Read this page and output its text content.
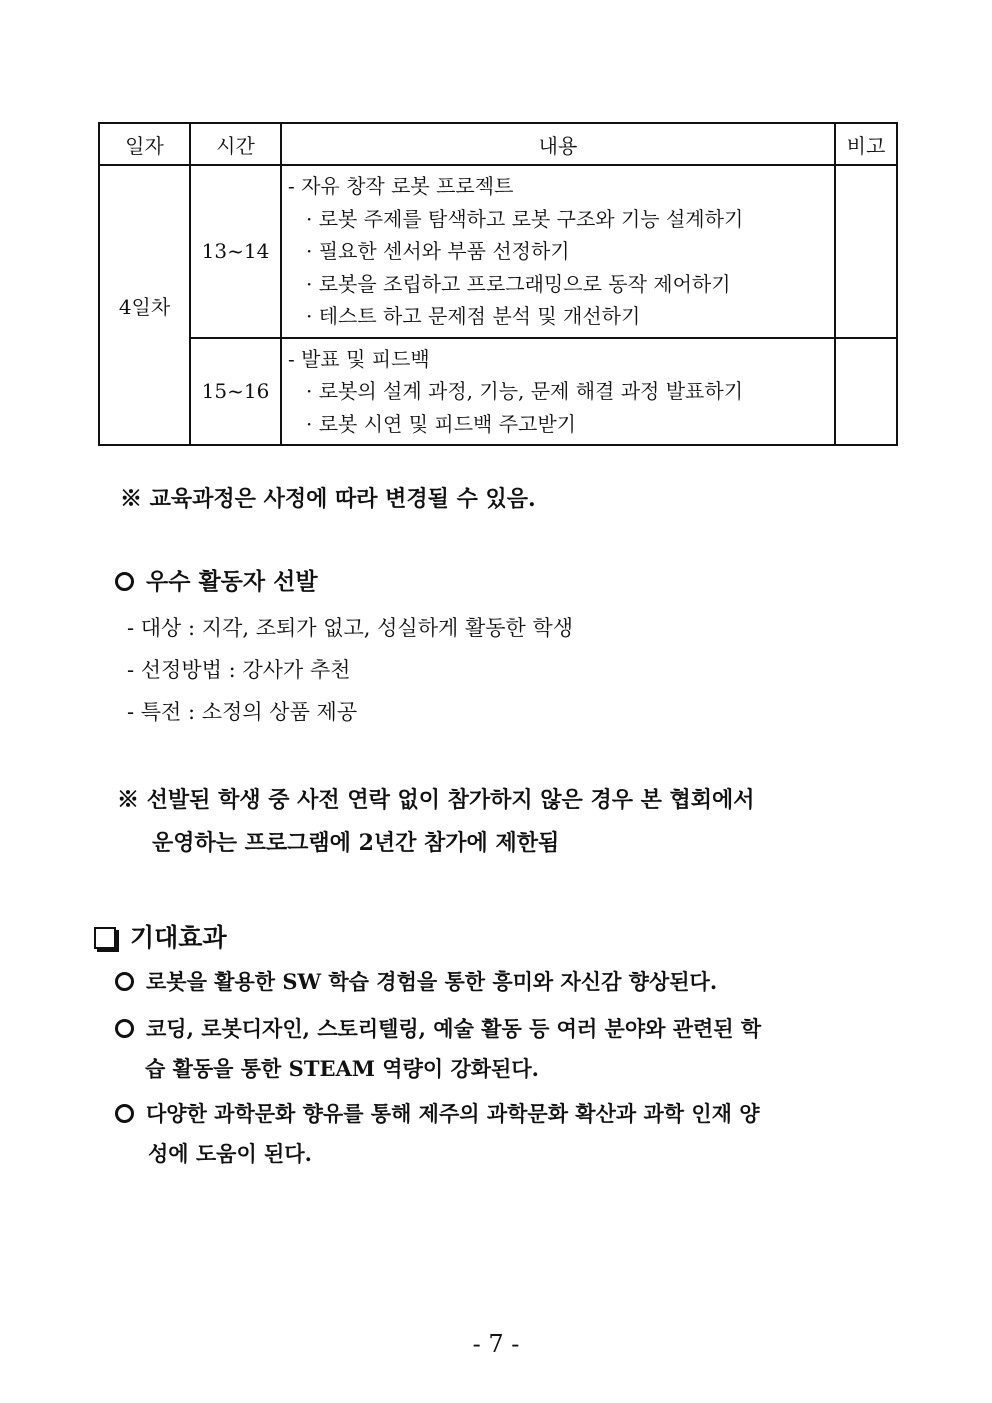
일자	시간	내용	비고
4일차	13~14	- 자유 창작 로봇 프로젝트
· 로봇 주제를 탐색하고 로봇 구조와 기능 설계하기
· 필요한 센서와 부품 선정하기
· 로봇을 조립하고 프로그래밍으로 동작 제어하기
· 테스트 하고 문제점 분석 및 개선하기	

	15~16	- 발표 및 피드백
· 로봇의 설계 과정, 기능, 문제 해결 과정 발표하기
· 로봇 시연 및 피드백 주고받기	

※ 교육과정은 사정에 따라 변경될 수 있음.
우수 활동자 선발
- 대상 : 지각, 조퇴가 없고, 성실하게 활동한 학생
- 선정방법 : 강사가 추천
- 특전 : 소정의 상품 제공
※ 선발된 학생 중 사전 연락 없이 참가하지 않은 경우 본 협회에서
운영하는 프로그램에 2년간 참가에 제한됨
기대효과
로봇을 활용한 SW 학습 경험을 통한 흥미와 자신감 향상된다.
코딩, 로봇디자인, 스토리텔링, 예술 활동 등 여러 분야와 관련된 학
습 활동을 통한 STEAM 역량이 강화된다.
다양한 과학문화 향유를 통해 제주의 과학문화 확산과 과학 인재 양
성에 도움이 된다.
- 7 -
